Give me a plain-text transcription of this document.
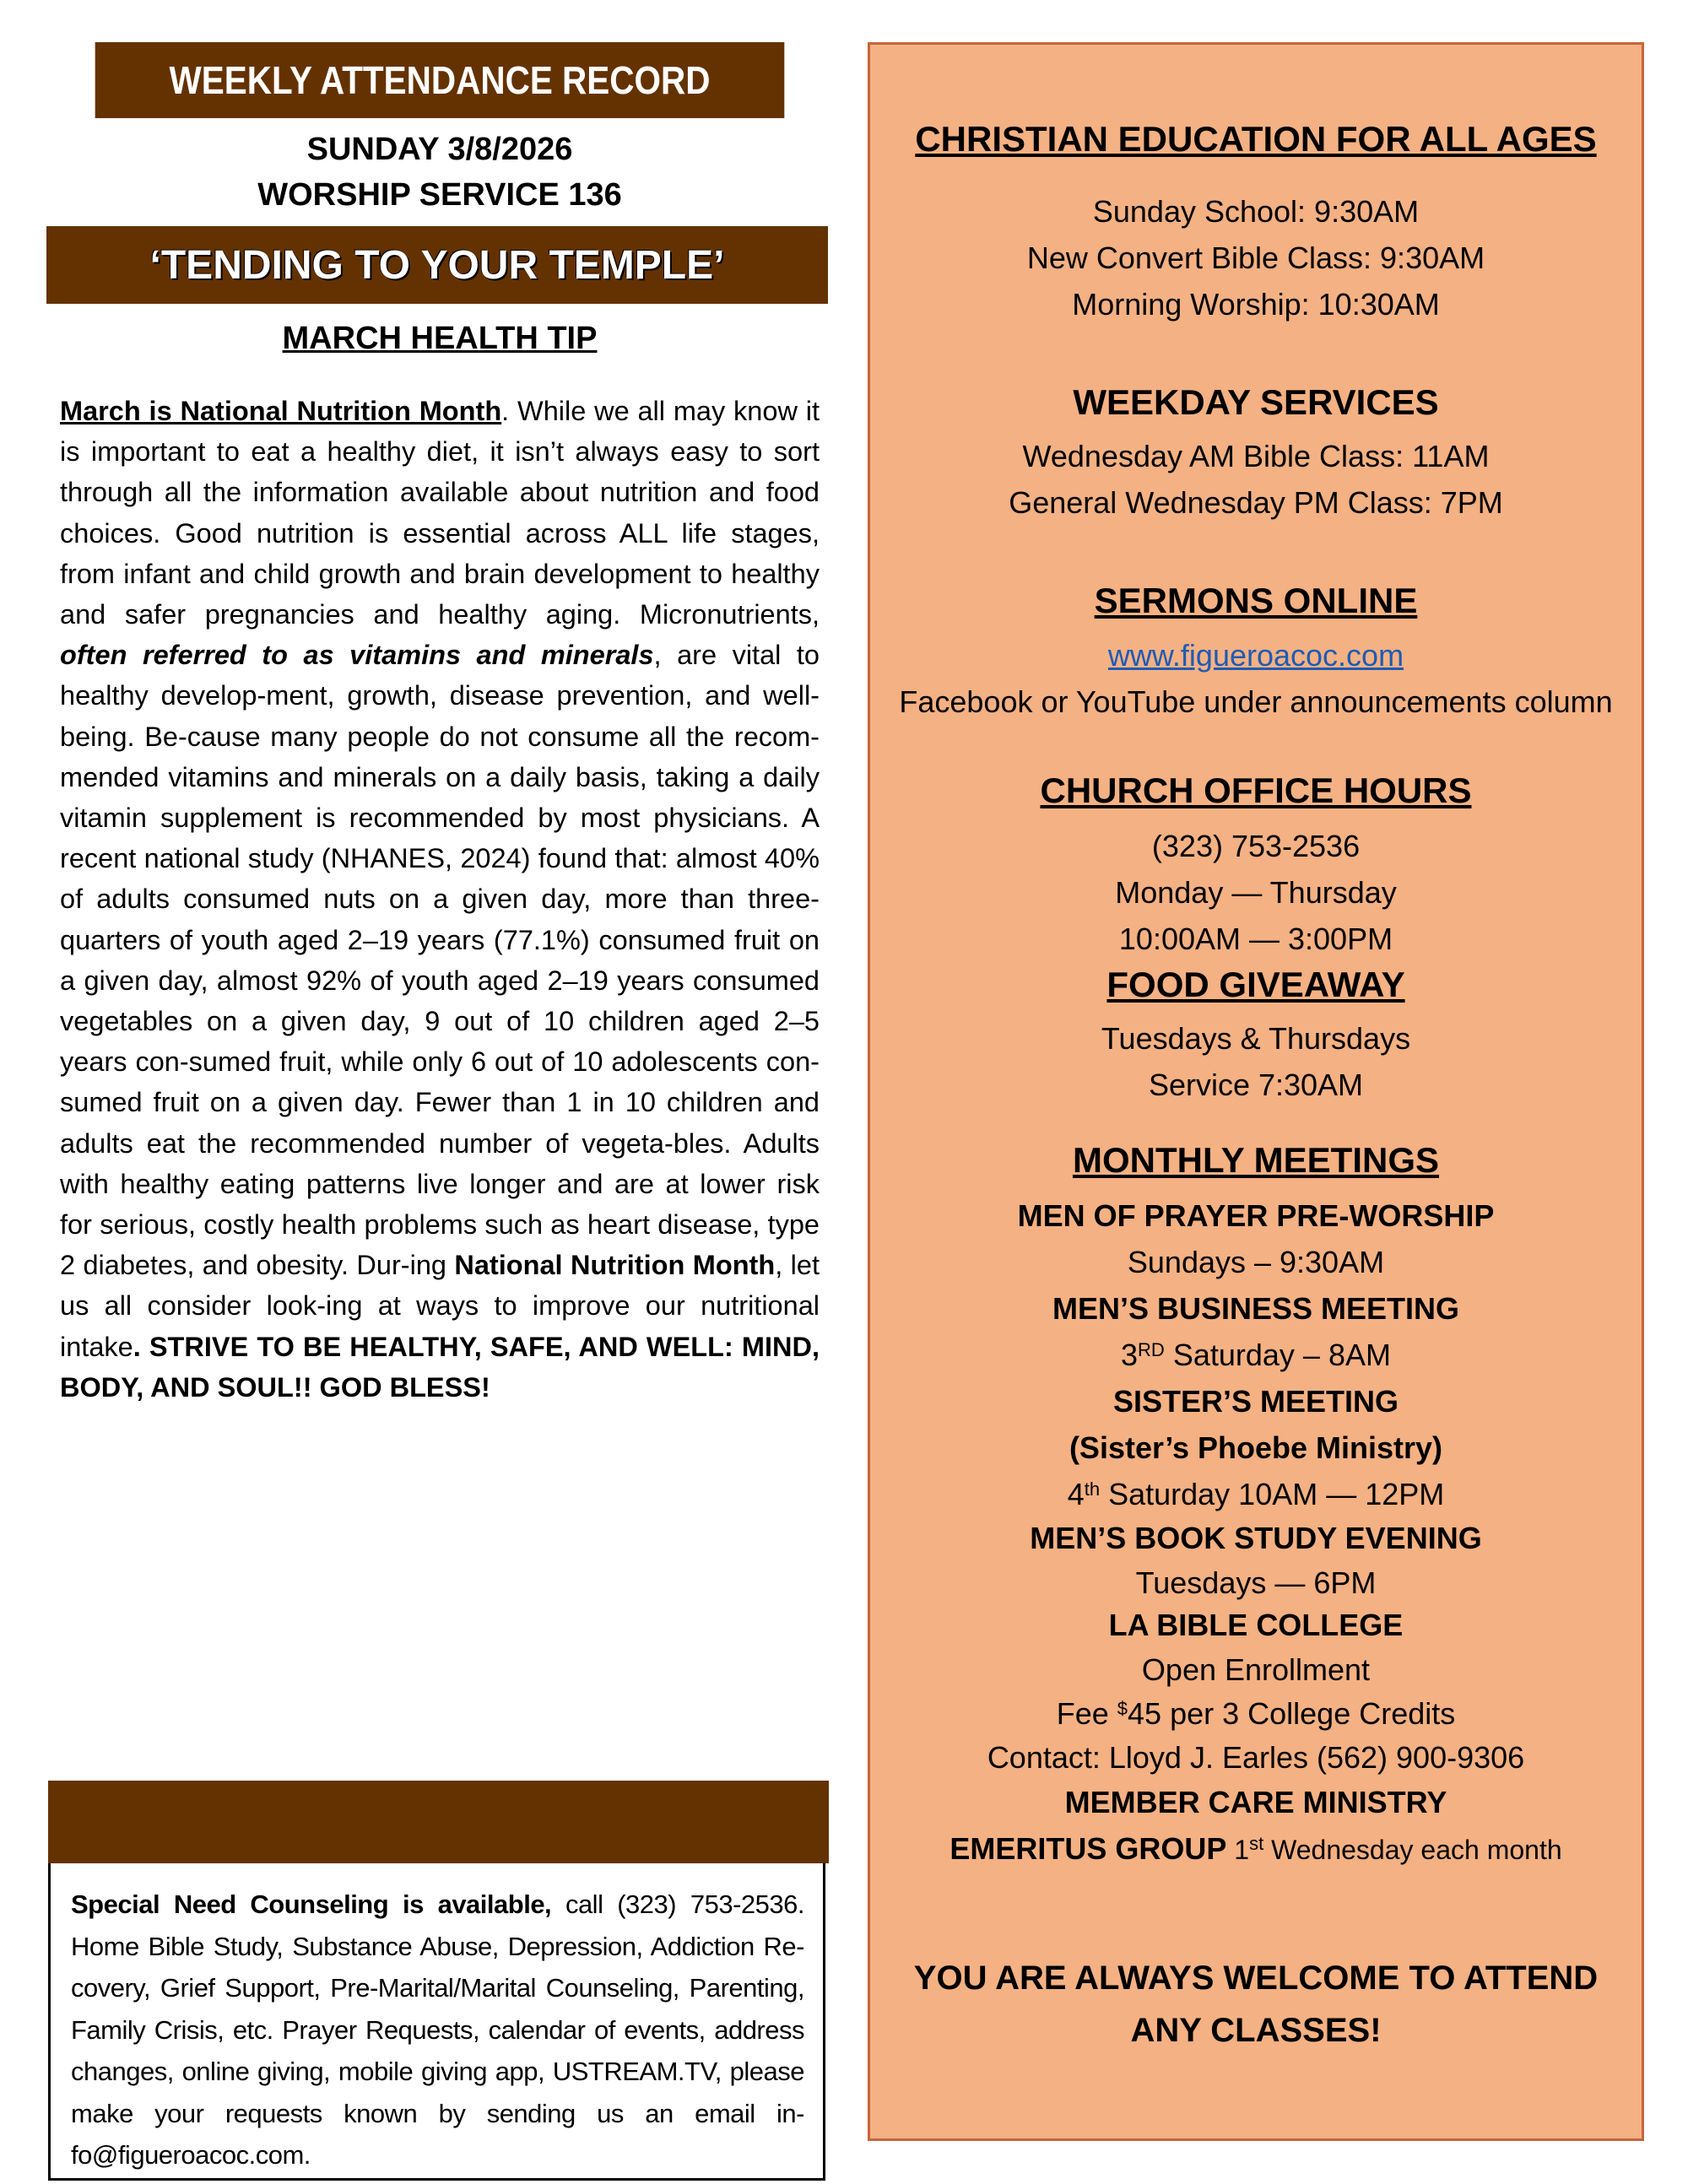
WEEKLY ATTENDANCE RECORD
SUNDAY 3/8/2026
WORSHIP SERVICE 136
‘TENDING TO YOUR TEMPLE’
MARCH HEALTH TIP
March is National Nutrition Month. While we all may know it is important to eat a healthy diet, it isn’t always easy to sort through all the information available about nutrition and food choices. Good nutrition is essential across ALL life stages, from infant and child growth and brain development to healthy and safer pregnancies and healthy aging. Micronutrients, often referred to as vitamins and minerals, are vital to healthy develop-ment, growth, disease prevention, and well-being. Be-cause many people do not consume all the recom-mended vitamins and minerals on a daily basis, taking a daily vitamin supplement is recommended by most physicians. A recent national study (NHANES, 2024) found that: almost 40% of adults consumed nuts on a given day, more than three-quarters of youth aged 2–19 years (77.1%) consumed fruit on a given day, almost 92% of youth aged 2–19 years consumed vegetables on a given day, 9 out of 10 children aged 2–5 years con-sumed fruit, while only 6 out of 10 adolescents con-sumed fruit on a given day. Fewer than 1 in 10 children and adults eat the recommended number of vegeta-bles. Adults with healthy eating patterns live longer and are at lower risk for serious, costly health problems such as heart disease, type 2 diabetes, and obesity. Dur-ing National Nutrition Month, let us all consider look-ing at ways to improve our nutritional intake. STRIVE TO BE HEALTHY, SAFE, AND WELL: MIND, BODY, AND SOUL!! GOD BLESS!
Special Need Counseling is available, call (323) 753-2536. Home Bible Study, Substance Abuse, Depression, Addiction Re-covery, Grief Support, Pre-Marital/Marital Counseling, Parenting, Family Crisis, etc. Prayer Requests, calendar of events, address changes, online giving, mobile giving app, USTREAM.TV, please make your requests known by sending us an email in-fo@figueroacoc.com.
CHRISTIAN EDUCATION FOR ALL AGES
Sunday School: 9:30AM
New Convert Bible Class: 9:30AM
Morning Worship: 10:30AM
WEEKDAY SERVICES
Wednesday AM Bible Class: 11AM
General Wednesday PM Class: 7PM
SERMONS ONLINE
www.figueroacoc.com
Facebook or YouTube under announcements column
CHURCH OFFICE HOURS
(323) 753-2536
Monday — Thursday
10:00AM — 3:00PM
FOOD GIVEAWAY
Tuesdays & Thursdays
Service 7:30AM
MONTHLY MEETINGS
MEN OF PRAYER PRE-WORSHIP
Sundays – 9:30AM
MEN’S BUSINESS MEETING
3RD Saturday – 8AM
SISTER’S MEETING
(Sister’s Phoebe Ministry)
4th Saturday 10AM — 12PM
MEN’S BOOK STUDY EVENING
Tuesdays — 6PM
LA BIBLE COLLEGE
Open Enrollment
Fee $45 per 3 College Credits
Contact: Lloyd J. Earles (562) 900-9306
MEMBER CARE MINISTRY
EMERITUS GROUP 1st Wednesday each month
YOU ARE ALWAYS WELCOME TO ATTEND
ANY CLASSES!
